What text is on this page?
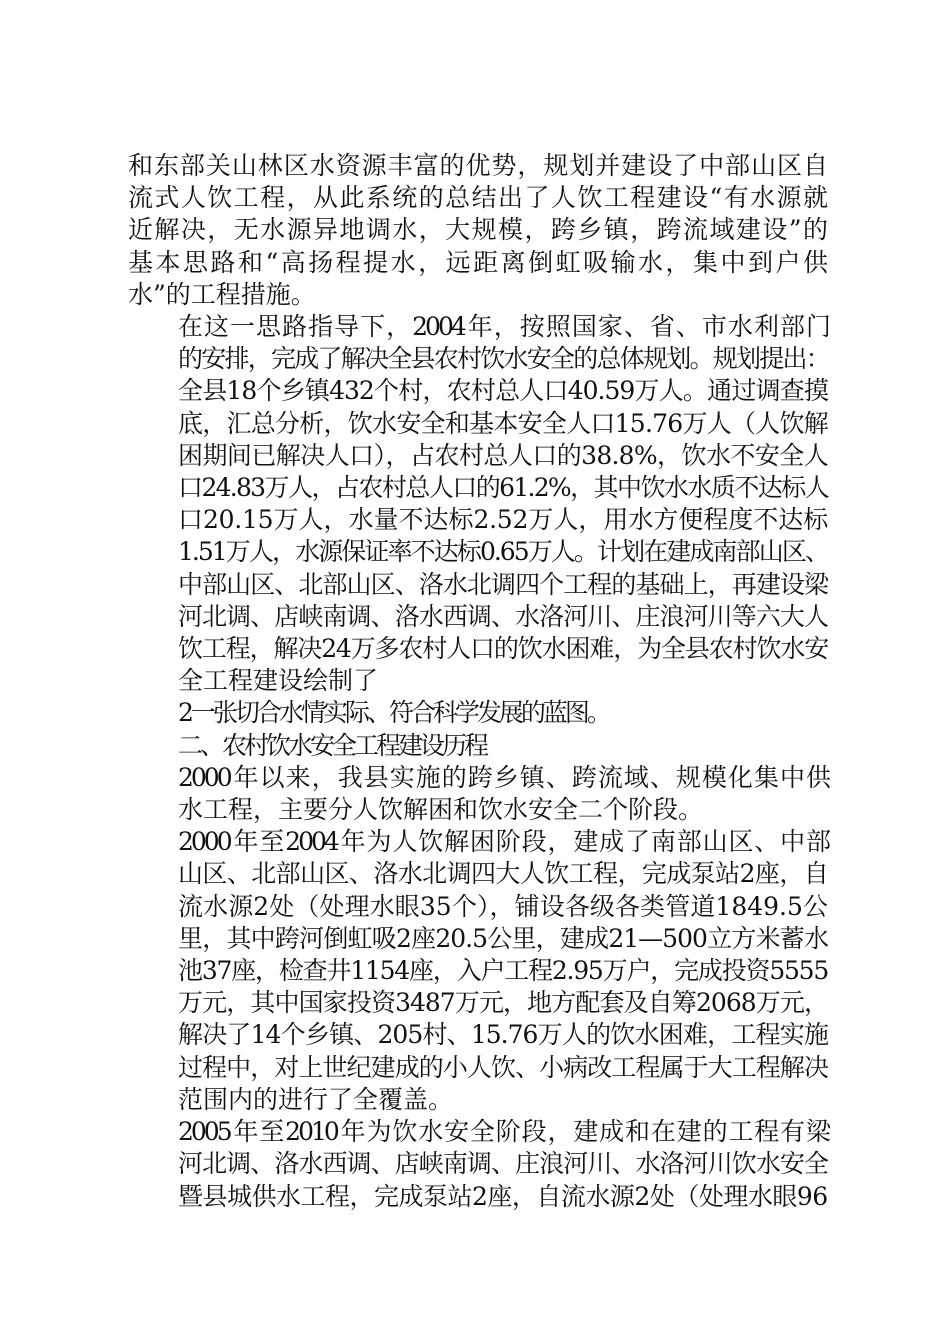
和东部关山林区水资源丰富的优势，规划并建设了中部山区自
流式人饮工程，从此系统的总结出了人饮工程建设“有水源就
近解决，无水源异地调水，大规模，跨乡镇，跨流域建设”的
基本思路和“高扬程提水，远距离倒虹吸输水，集中到户供
水”的工程措施。
在这一思路指导下，2004年，按照国家、省、市水利部门
的安排，完成了解决全县农村饮水安全的总体规划。规划提出：
全县18个乡镇432个村，农村总人口40.59万人。通过调查摸
底，汇总分析，饮水安全和基本安全人口15.76万人（人饮解
困期间已解决人口），占农村总人口的38.8%，饮水不安全人
口24.83万人，占农村总人口的61.2%，其中饮水水质不达标人
口20.15万人，水量不达标2.52万人，用水方便程度不达标
1.51万人，水源保证率不达标0.65万人。计划在建成南部山区、
中部山区、北部山区、洛水北调四个工程的基础上，再建设梁
河北调、店峡南调、洛水西调、水洛河川、庄浪河川等六大人
饮工程，解决24万多农村人口的饮水困难，为全县农村饮水安
全工程建设绘制了
2一张切合水情实际、符合科学发展的蓝图。
二、农村饮水安全工程建设历程
2000年以来，我县实施的跨乡镇、跨流域、规模化集中供
水工程，主要分人饮解困和饮水安全二个阶段。
2000年至2004年为人饮解困阶段，建成了南部山区、中部
山区、北部山区、洛水北调四大人饮工程，完成泵站2座，自
流水源2处（处理水眼35个），铺设各级各类管道1849.5公
里，其中跨河倒虹吸2座20.5公里，建成21—500立方米蓄水
池37座，检查井1154座，入户工程2.95万户，完成投资5555
万元，其中国家投资3487万元，地方配套及自筹2068万元，
解决了14个乡镇、205村、15.76万人的饮水困难，工程实施
过程中，对上世纪建成的小人饮、小病改工程属于大工程解决
范围内的进行了全覆盖。
2005年至2010年为饮水安全阶段，建成和在建的工程有梁
河北调、洛水西调、店峡南调、庄浪河川、水洛河川饮水安全
暨县城供水工程，完成泵站2座，自流水源2处（处理水眼96
